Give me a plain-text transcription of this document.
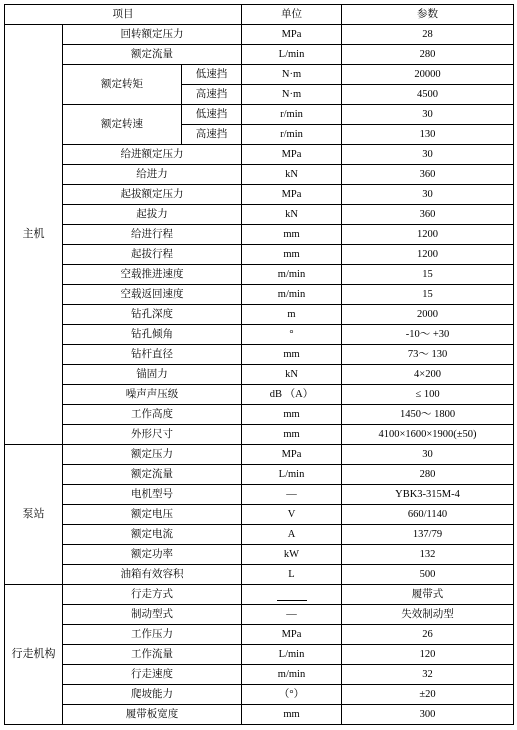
项目			单位	参数
主机	回转额定压力		MPa	28
	额定流量		L/min	280
	额定转矩	低速挡	N·m	20000
		高速挡	N·m	4500
	额定转速	低速挡	r/min	30
		高速挡	r/min	130
	给进额定压力		MPa	30
	给进力		kN	360
	起拔额定压力		MPa	30
	起拔力		kN	360
	给进行程		mm	1200
	起拔行程		mm	1200
	空载推进速度		m/min	15
	空载返回速度		m/min	15
	钻孔深度		m	2000
	钻孔倾角		°	-10～ +30
	钻杆直径		mm	73～ 130
	锚固力		kN	4×200
	噪声声压级		dB （A）	≤ 100
	工作高度		mm	1450～ 1800
	外形尺寸		mm	4100×1600×1900(±50)
泵站	额定压力		MPa	30
	额定流量		L/min	280
	电机型号		—	YBK3-315M-4
	额定电压		V	660/1140
	额定电流		A	137/79
	额定功率		kW	132
	油箱有效容积		L	500
行走机构	行走方式			履带式
	制动型式		—	失效制动型
	工作压力		MPa	26
	工作流量		L/min	120
	行走速度		m/min	32
	爬坡能力		（°）	±20
	履带板宽度		mm	300
